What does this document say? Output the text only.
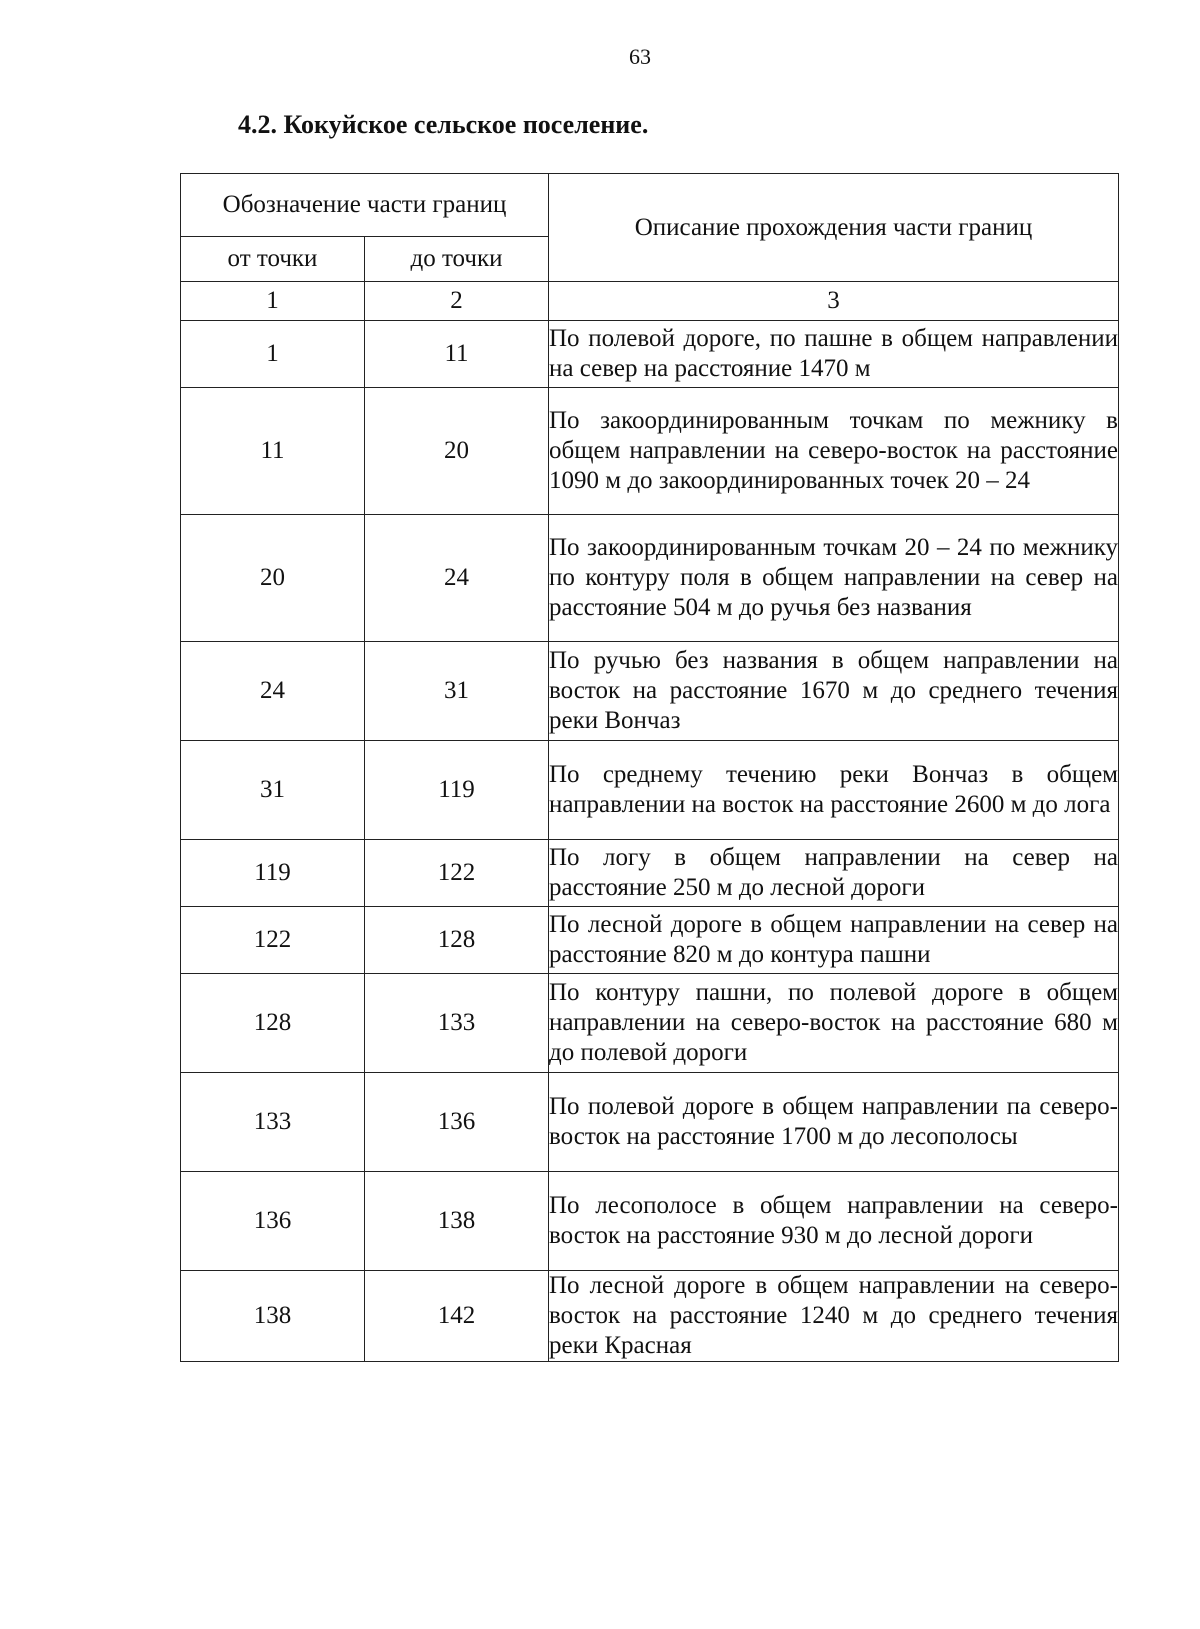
63
4.2. Кокуйское сельское поселение.
Обозначение части границ		Описание прохождения части границ
от точки	до точки	
1	2	3
1	11	По полевой дороге, по пашне в общем направлении на север на расстояние 1470 м
11	20	По закоординированным точкам по межнику в общем направлении на северо-восток на расстояние 1090 м до закоординированных точек 20 – 24
20	24	По закоординированным точкам 20 – 24 по межнику по контуру поля в общем направлении на север на расстояние 504 м до ручья без названия
24	31	По ручью без названия в общем направлении на восток на расстояние 1670 м до среднего течения реки Вончаз
31	119	По среднему течению реки Вончаз в общем направлении на восток на расстояние 2600 м до лога
119	122	По логу в общем направлении на север на расстояние 250 м до лесной дороги
122	128	По лесной дороге в общем направлении на север на расстояние 820 м до контура пашни
128	133	По контуру пашни, по полевой дороге в общем направлении на северо-восток на расстояние 680 м до полевой дороги
133	136	По полевой дороге в общем направлении па северо-восток на расстояние 1700 м до лесополосы
136	138	По лесополосе в общем направлении на северо-восток на расстояние 930 м до лесной дороги
138	142	По лесной дороге в общем направлении на северо-восток на расстояние 1240 м до среднего течения реки Красная
